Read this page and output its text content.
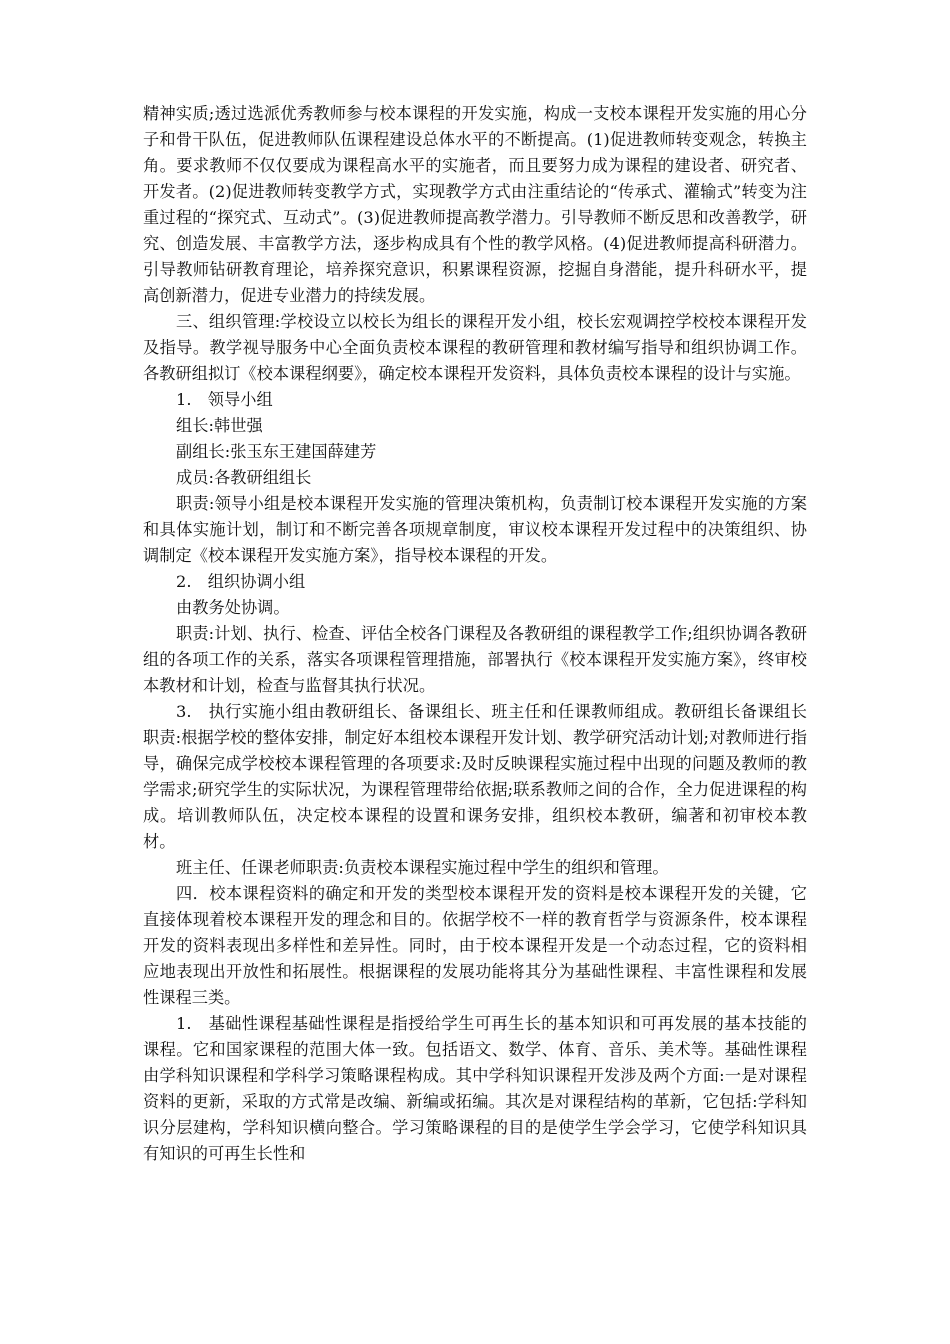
精神实质;透过选派优秀教师参与校本课程的开发实施，构成一支校本课程开发实施的用心分子和骨干队伍，促进教师队伍课程建设总体水平的不断提高。(1)促进教师转变观念，转换主角。要求教师不仅仅要成为课程高水平的实施者，而且要努力成为课程的建设者、研究者、开发者。(2)促进教师转变教学方式，实现教学方式由注重结论的“传承式、灌输式”转变为注重过程的“探究式、互动式”。(3)促进教师提高教学潜力。引导教师不断反思和改善教学，研究、创造发展、丰富教学方法，逐步构成具有个性的教学风格。(4)促进教师提高科研潜力。引导教师钻研教育理论，培养探究意识，积累课程资源，挖掘自身潜能，提升科研水平，提高创新潜力，促进专业潜力的持续发展。

三、组织管理:学校设立以校长为组长的课程开发小组，校长宏观调控学校校本课程开发及指导。教学视导服务中心全面负责校本课程的教研管理和教材编写指导和组织协调工作。各教研组拟订《校本课程纲要》，确定校本课程开发资料，具体负责校本课程的设计与实施。

1.　领导小组

组长:韩世强

副组长:张玉东王建国薛建芳

成员:各教研组组长

职责:领导小组是校本课程开发实施的管理决策机构，负责制订校本课程开发实施的方案和具体实施计划，制订和不断完善各项规章制度，审议校本课程开发过程中的决策组织、协调制定《校本课程开发实施方案》，指导校本课程的开发。

2.　组织协调小组

由教务处协调。

职责:计划、执行、检查、评估全校各门课程及各教研组的课程教学工作;组织协调各教研组的各项工作的关系，落实各项课程管理措施，部署执行《校本课程开发实施方案》，终审校本教材和计划，检查与监督其执行状况。

3.　执行实施小组由教研组长、备课组长、班主任和任课教师组成。教研组长备课组长职责:根据学校的整体安排，制定好本组校本课程开发计划、教学研究活动计划;对教师进行指导，确保完成学校校本课程管理的各项要求:及时反映课程实施过程中出现的问题及教师的教学需求;研究学生的实际状况，为课程管理带给依据;联系教师之间的合作，全力促进课程的构成。培训教师队伍，决定校本课程的设置和课务安排，组织校本教研，编著和初审校本教材。

班主任、任课老师职责:负责校本课程实施过程中学生的组织和管理。

四．校本课程资料的确定和开发的类型校本课程开发的资料是校本课程开发的关键，它直接体现着校本课程开发的理念和目的。依据学校不一样的教育哲学与资源条件，校本课程开发的资料表现出多样性和差异性。同时，由于校本课程开发是一个动态过程，它的资料相应地表现出开放性和拓展性。根据课程的发展功能将其分为基础性课程、丰富性课程和发展性课程三类。

1.　基础性课程基础性课程是指授给学生可再生长的基本知识和可再发展的基本技能的课程。它和国家课程的范围大体一致。包括语文、数学、体育、音乐、美术等。基础性课程由学科知识课程和学科学习策略课程构成。其中学科知识课程开发涉及两个方面:一是对课程资料的更新，采取的方式常是改编、新编或拓编。其次是对课程结构的革新，它包括:学科知识分层建构，学科知识横向整合。学习策略课程的目的是使学生学会学习，它使学科知识具有知识的可再生长性和
